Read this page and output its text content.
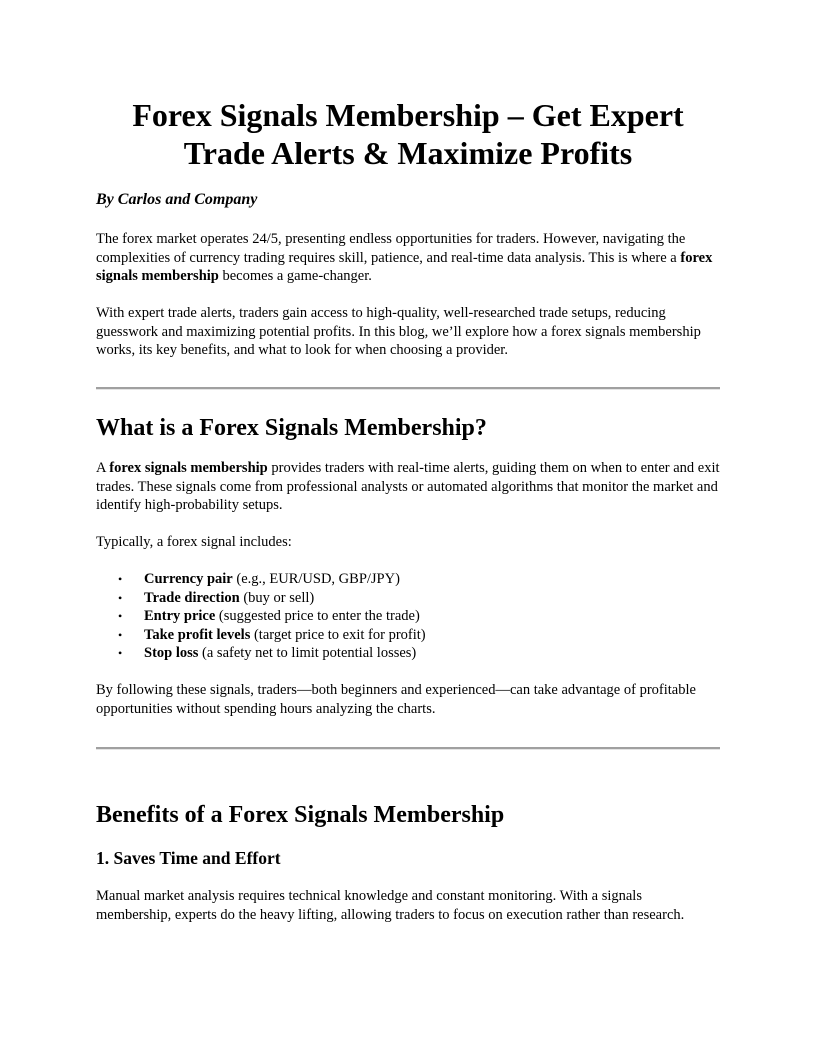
Forex Signals Membership – Get Expert Trade Alerts & Maximize Profits
By Carlos and Company

The forex market operates 24/5, presenting endless opportunities for traders. However, navigating the complexities of currency trading requires skill, patience, and real-time data analysis. This is where a forex signals membership becomes a game-changer.

With expert trade alerts, traders gain access to high-quality, well-researched trade setups, reducing guesswork and maximizing potential profits. In this blog, we’ll explore how a forex signals membership works, its key benefits, and what to look for when choosing a provider.

What is a Forex Signals Membership?

A forex signals membership provides traders with real-time alerts, guiding them on when to enter and exit trades. These signals come from professional analysts or automated algorithms that monitor the market and identify high-probability setups.

Typically, a forex signal includes:

• Currency pair (e.g., EUR/USD, GBP/JPY)
• Trade direction (buy or sell)
• Entry price (suggested price to enter the trade)
• Take profit levels (target price to exit for profit)
• Stop loss (a safety net to limit potential losses)

By following these signals, traders—both beginners and experienced—can take advantage of profitable opportunities without spending hours analyzing the charts.

Benefits of a Forex Signals Membership
1. Saves Time and Effort

Manual market analysis requires technical knowledge and constant monitoring. With a signals membership, experts do the heavy lifting, allowing traders to focus on execution rather than research.
